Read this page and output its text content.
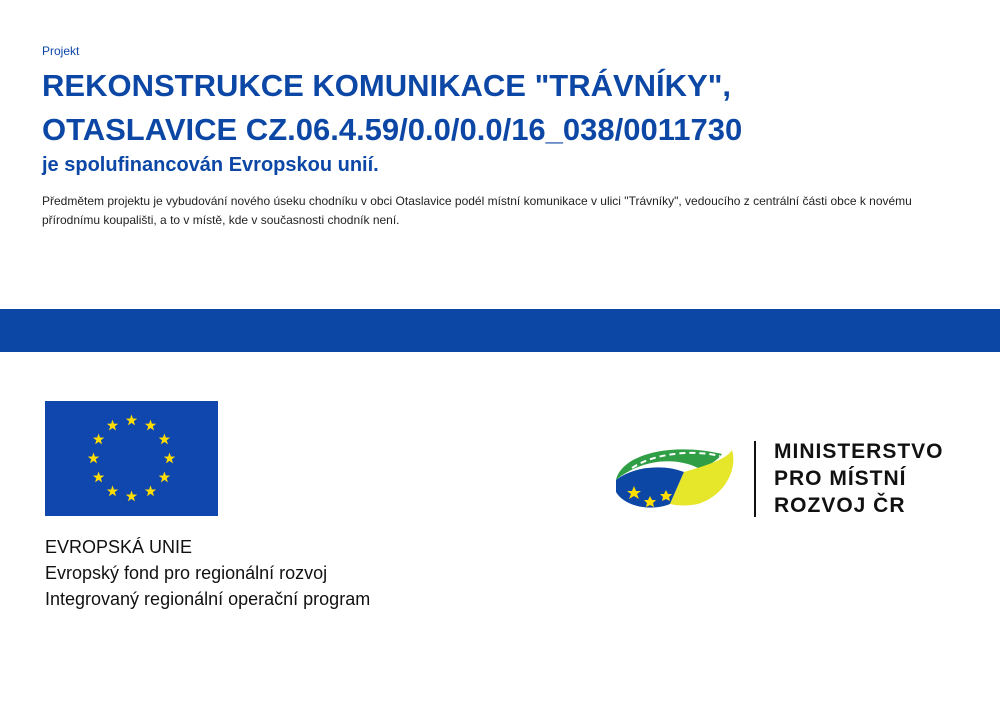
Projekt
REKONSTRUKCE KOMUNIKACE "TRÁVNÍKY",
OTASLAVICE CZ.06.4.59/0.0/0.0/16_038/0011730
je spolufinancován Evropskou unií.

Předmětem projektu je vybudování nového úseku chodníku v obci Otaslavice podél místní komunikace v ulici "Trávníky", vedoucího z centrální části obce k novému přírodnímu koupališti, a to v místě, kde v současnosti chodník není.

EVROPSKÁ UNIE
Evropský fond pro regionální rozvoj
Integrovaný regionální operační program
MINISTERSTVO
PRO MÍSTNÍ
ROZVOJ ČR
